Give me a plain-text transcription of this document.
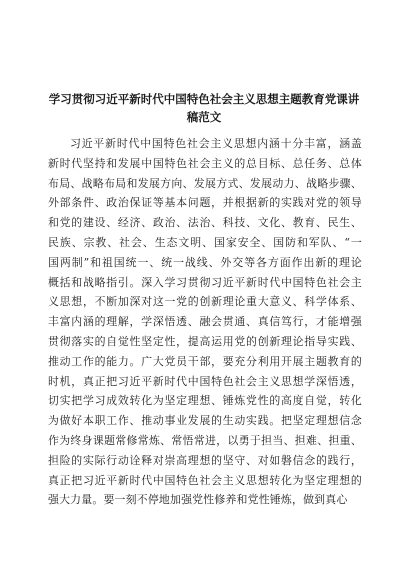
学习贯彻习近平新时代中国特色社会主义思想主题教育党课讲
稿范文
习近平新时代中国特色社会主义思想内涵十分丰富，涵盖
新时代坚持和发展中国特色社会主义的总目标、总任务、总体
布局、战略布局和发展方向、发展方式、发展动力、战略步骤、
外部条件、政治保证等基本问题，并根据新的实践对党的领导
和党的建设、经济、政治、法治、科技、文化、教育、民生、
民族、宗教、社会、生态文明、国家安全、国防和军队、“一
国两制”和祖国统一、统一战线、外交等各方面作出新的理论
概括和战略指引。深入学习贯彻习近平新时代中国特色社会主
义思想，不断加深对这一党的创新理论重大意义、科学体系、
丰富内涵的理解，学深悟透、融会贯通、真信笃行，才能增强
贯彻落实的自觉性坚定性，提高运用党的创新理论指导实践、
推动工作的能力。广大党员干部，要充分利用开展主题教育的
时机，真正把习近平新时代中国特色社会主义思想学深悟透，
切实把学习成效转化为坚定理想、锤炼党性的高度自觉，转化
为做好本职工作、推动事业发展的生动实践。把坚定理想信念
作为终身课题常修常炼、常悟常进，以勇于担当、担难、担重、
担险的实际行动诠释对崇高理想的坚守、对如磐信念的践行，
真正把习近平新时代中国特色社会主义思想转化为坚定理想的
强大力量。要一刻不停地加强党性修养和党性锤炼，做到真心
